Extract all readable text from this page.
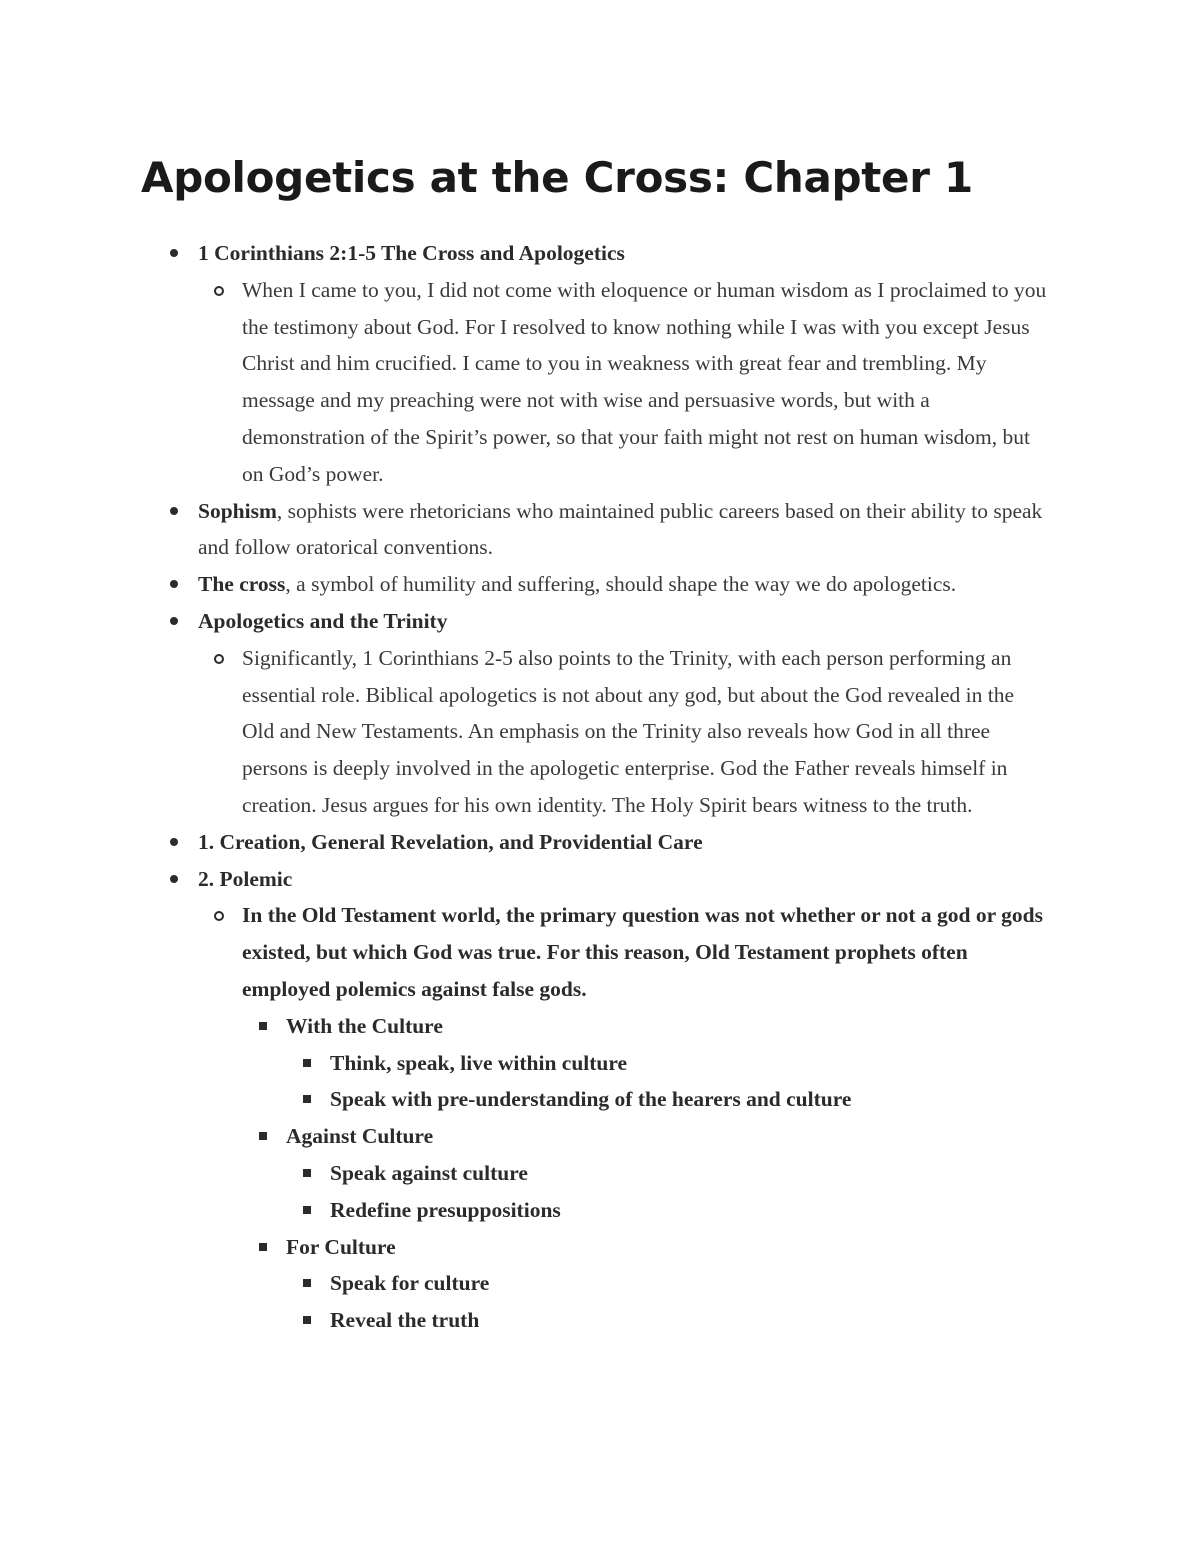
Apologetics at the Cross: Chapter 1
1 Corinthians 2:1-5 The Cross and Apologetics
When I came to you, I did not come with eloquence or human wisdom as I proclaimed to you the testimony about God. For I resolved to know nothing while I was with you except Jesus Christ and him crucified. I came to you in weakness with great fear and trembling. My message and my preaching were not with wise and persuasive words, but with a demonstration of the Spirit’s power, so that your faith might not rest on human wisdom, but on God’s power.
Sophism, sophists were rhetoricians who maintained public careers based on their ability to speak and follow oratorical conventions.
The cross, a symbol of humility and suffering, should shape the way we do apologetics.
Apologetics and the Trinity
Significantly, 1 Corinthians 2-5 also points to the Trinity, with each person performing an essential role. Biblical apologetics is not about any god, but about the God revealed in the Old and New Testaments. An emphasis on the Trinity also reveals how God in all three persons is deeply involved in the apologetic enterprise. God the Father reveals himself in creation. Jesus argues for his own identity. The Holy Spirit bears witness to the truth.
1. Creation, General Revelation, and Providential Care
2. Polemic
In the Old Testament world, the primary question was not whether or not a god or gods existed, but which God was true. For this reason, Old Testament prophets often employed polemics against false gods.
With the Culture
Think, speak, live within culture
Speak with pre-understanding of the hearers and culture
Against Culture
Speak against culture
Redefine presuppositions
For Culture
Speak for culture
Reveal the truth
